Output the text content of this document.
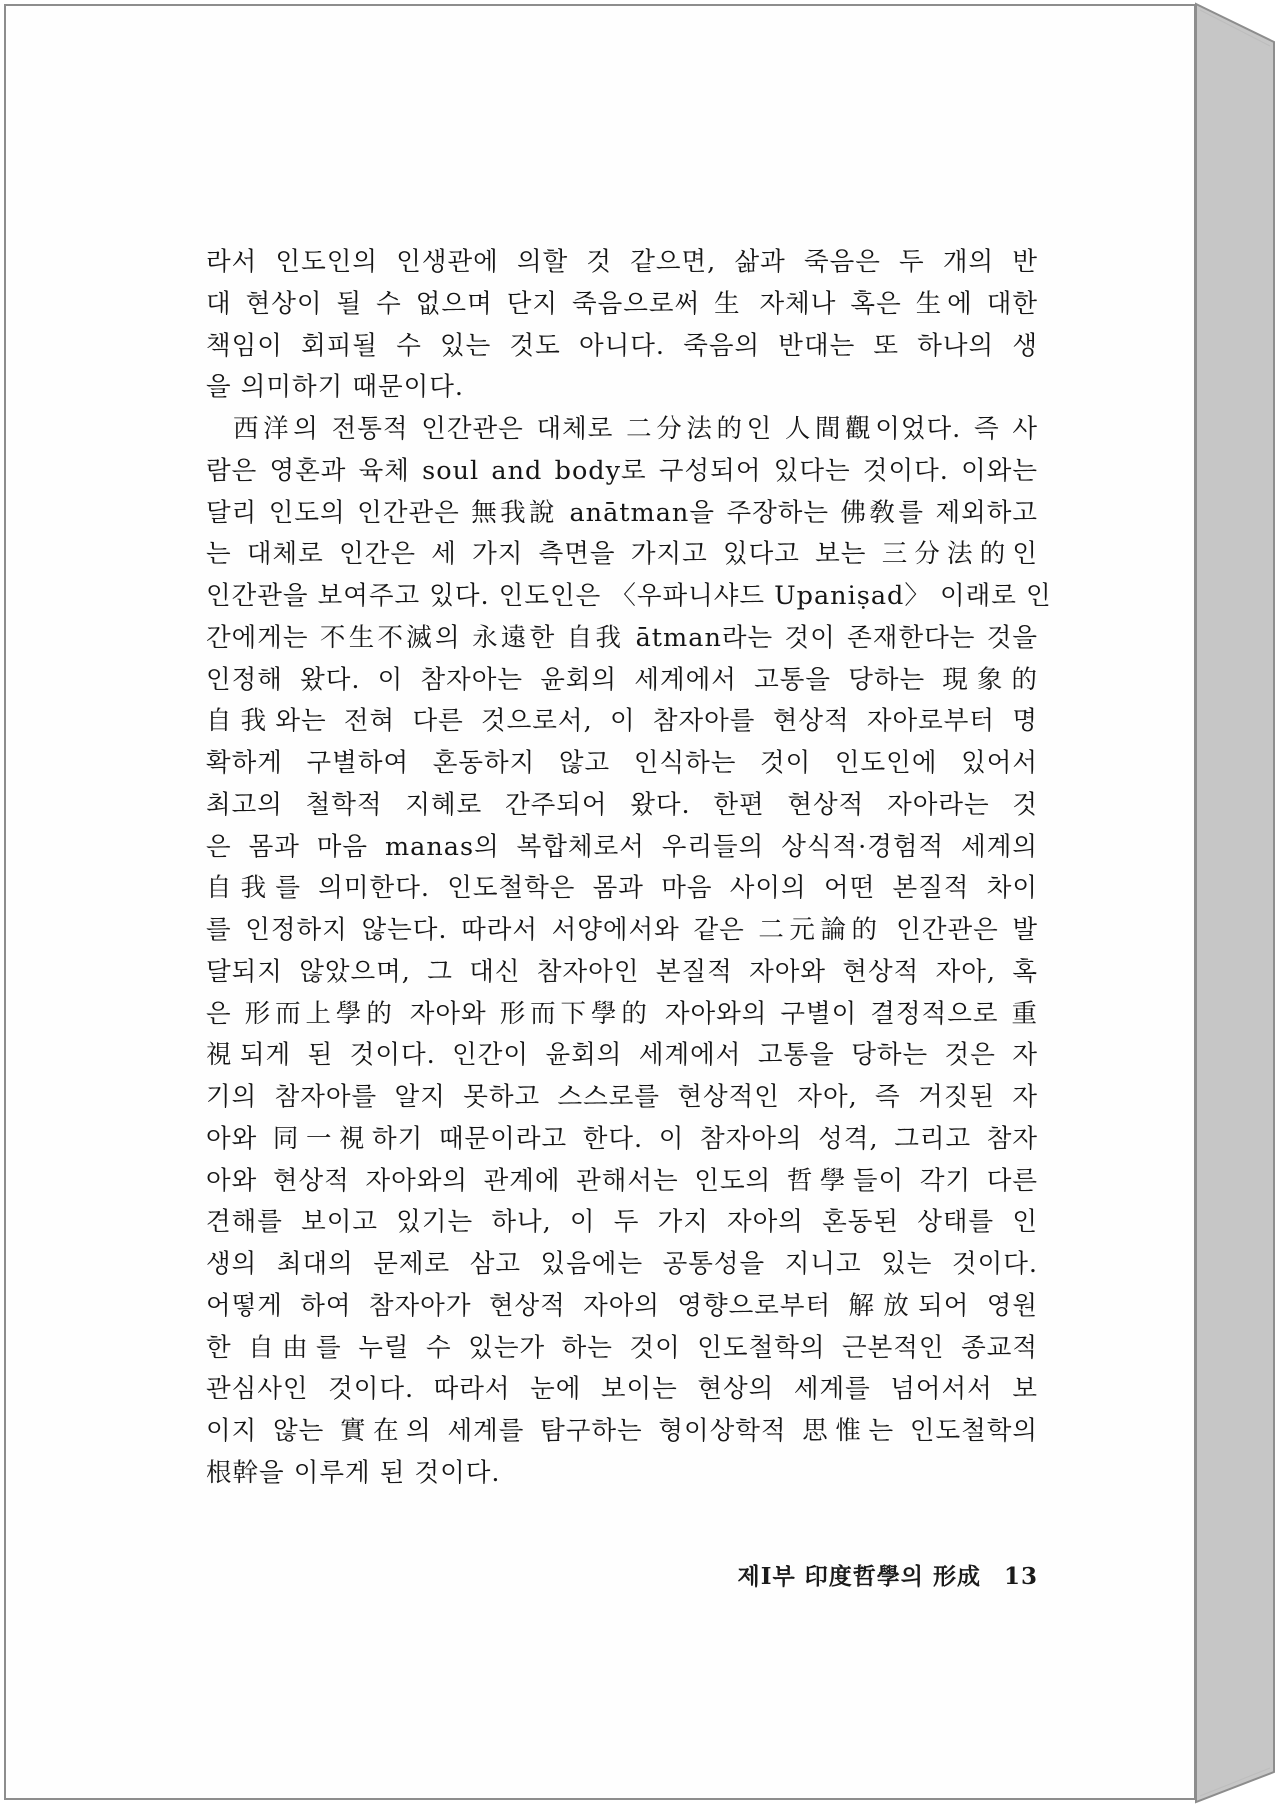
라서 인도인의 인생관에 의할 것 같으면, 삶과 죽음은 두 개의 반
대 현상이 될 수 없으며 단지 죽음으로써 生 자체나 혹은 生에 대한
책임이 회피될 수 있는 것도 아니다. 죽음의 반대는 또 하나의 생
을 의미하기 때문이다.
西洋의 전통적 인간관은 대체로 二分法的인 人間觀이었다. 즉 사
람은 영혼과 육체 soul and body로 구성되어 있다는 것이다. 이와는
달리 인도의 인간관은 無我說 anātman을 주장하는 佛敎를 제외하고
는 대체로 인간은 세 가지 측면을 가지고 있다고 보는 三分法的인
인간관을 보여주고 있다. 인도인은 〈우파니샤드 Upaniṣad〉 이래로 인
간에게는 不生不滅의 永遠한 自我 ātman라는 것이 존재한다는 것을
인정해 왔다. 이 참자아는 윤회의 세계에서 고통을 당하는 現象的
自我와는 전혀 다른 것으로서, 이 참자아를 현상적 자아로부터 명
확하게 구별하여 혼동하지 않고 인식하는 것이 인도인에 있어서
최고의 철학적 지혜로 간주되어 왔다. 한편 현상적 자아라는 것
은 몸과 마음 manas의 복합체로서 우리들의 상식적·경험적 세계의
自我를 의미한다. 인도철학은 몸과 마음 사이의 어떤 본질적 차이
를 인정하지 않는다. 따라서 서양에서와 같은 二元論的 인간관은 발
달되지 않았으며, 그 대신 참자아인 본질적 자아와 현상적 자아, 혹
은 形而上學的 자아와 形而下學的 자아와의 구별이 결정적으로 重
視되게 된 것이다. 인간이 윤회의 세계에서 고통을 당하는 것은 자
기의 참자아를 알지 못하고 스스로를 현상적인 자아, 즉 거짓된 자
아와 同一視하기 때문이라고 한다. 이 참자아의 성격, 그리고 참자
아와 현상적 자아와의 관계에 관해서는 인도의 哲學들이 각기 다른
견해를 보이고 있기는 하나, 이 두 가지 자아의 혼동된 상태를 인
생의 최대의 문제로 삼고 있음에는 공통성을 지니고 있는 것이다.
어떻게 하여 참자아가 현상적 자아의 영향으로부터 解放되어 영원
한 自由를 누릴 수 있는가 하는 것이 인도철학의 근본적인 종교적
관심사인 것이다. 따라서 눈에 보이는 현상의 세계를 넘어서서 보
이지 않는 實在의 세계를 탐구하는 형이상학적 思惟는 인도철학의
根幹을 이루게 된 것이다.
제Ⅰ부 印度哲學의 形成 13
